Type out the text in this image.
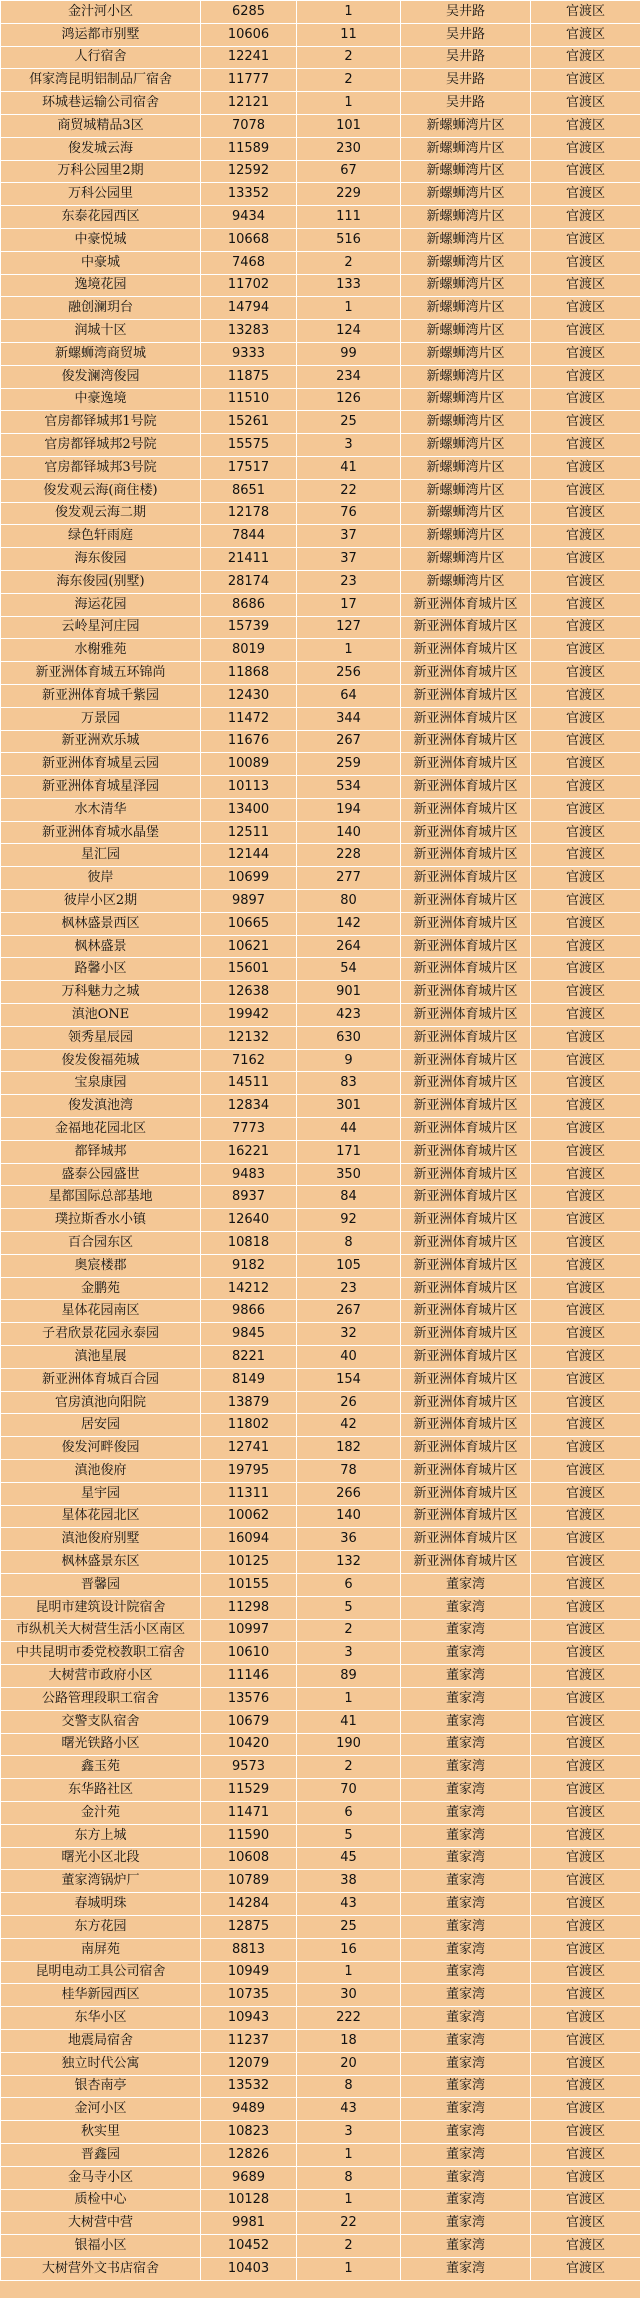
金汁河小区	6285	1	吴井路	官渡区
鸿运都市别墅	10606	11	吴井路	官渡区
人行宿舍	12241	2	吴井路	官渡区
佴家湾昆明铝制品厂宿舍	11777	2	吴井路	官渡区
环城巷运输公司宿舍	12121	1	吴井路	官渡区
商贸城精品3区	7078	101	新螺蛳湾片区	官渡区
俊发城云海	11589	230	新螺蛳湾片区	官渡区
万科公园里2期	12592	67	新螺蛳湾片区	官渡区
万科公园里	13352	229	新螺蛳湾片区	官渡区
东泰花园西区	9434	111	新螺蛳湾片区	官渡区
中豪悦城	10668	516	新螺蛳湾片区	官渡区
中豪城	7468	2	新螺蛳湾片区	官渡区
逸境花园	11702	133	新螺蛳湾片区	官渡区
融创澜玥台	14794	1	新螺蛳湾片区	官渡区
润城十区	13283	124	新螺蛳湾片区	官渡区
新螺蛳湾商贸城	9333	99	新螺蛳湾片区	官渡区
俊发澜湾俊园	11875	234	新螺蛳湾片区	官渡区
中豪逸境	11510	126	新螺蛳湾片区	官渡区
官房都铎城邦1号院	15261	25	新螺蛳湾片区	官渡区
官房都铎城邦2号院	15575	3	新螺蛳湾片区	官渡区
官房都铎城邦3号院	17517	41	新螺蛳湾片区	官渡区
俊发观云海(商住楼)	8651	22	新螺蛳湾片区	官渡区
俊发观云海二期	12178	76	新螺蛳湾片区	官渡区
绿色轩雨庭	7844	37	新螺蛳湾片区	官渡区
海东俊园	21411	37	新螺蛳湾片区	官渡区
海东俊园(别墅)	28174	23	新螺蛳湾片区	官渡区
海运花园	8686	17	新亚洲体育城片区	官渡区
云岭星河庄园	15739	127	新亚洲体育城片区	官渡区
水榭雅苑	8019	1	新亚洲体育城片区	官渡区
新亚洲体育城五环锦尚	11868	256	新亚洲体育城片区	官渡区
新亚洲体育城千紫园	12430	64	新亚洲体育城片区	官渡区
万景园	11472	344	新亚洲体育城片区	官渡区
新亚洲欢乐城	11676	267	新亚洲体育城片区	官渡区
新亚洲体育城星云园	10089	259	新亚洲体育城片区	官渡区
新亚洲体育城星泽园	10113	534	新亚洲体育城片区	官渡区
水木清华	13400	194	新亚洲体育城片区	官渡区
新亚洲体育城水晶堡	12511	140	新亚洲体育城片区	官渡区
星汇园	12144	228	新亚洲体育城片区	官渡区
彼岸	10699	277	新亚洲体育城片区	官渡区
彼岸小区2期	9897	80	新亚洲体育城片区	官渡区
枫林盛景西区	10665	142	新亚洲体育城片区	官渡区
枫林盛景	10621	264	新亚洲体育城片区	官渡区
路馨小区	15601	54	新亚洲体育城片区	官渡区
万科魅力之城	12638	901	新亚洲体育城片区	官渡区
滇池ONE	19942	423	新亚洲体育城片区	官渡区
领秀星辰园	12132	630	新亚洲体育城片区	官渡区
俊发俊福苑城	7162	9	新亚洲体育城片区	官渡区
宝泉康园	14511	83	新亚洲体育城片区	官渡区
俊发滇池湾	12834	301	新亚洲体育城片区	官渡区
金福地花园北区	7773	44	新亚洲体育城片区	官渡区
都铎城邦	16221	171	新亚洲体育城片区	官渡区
盛泰公园盛世	9483	350	新亚洲体育城片区	官渡区
星都国际总部基地	8937	84	新亚洲体育城片区	官渡区
璞拉斯香水小镇	12640	92	新亚洲体育城片区	官渡区
百合园东区	10818	8	新亚洲体育城片区	官渡区
奥宸楼郡	9182	105	新亚洲体育城片区	官渡区
金鹏苑	14212	23	新亚洲体育城片区	官渡区
星体花园南区	9866	267	新亚洲体育城片区	官渡区
子君欣景花园永泰园	9845	32	新亚洲体育城片区	官渡区
滇池星展	8221	40	新亚洲体育城片区	官渡区
新亚洲体育城百合园	8149	154	新亚洲体育城片区	官渡区
官房滇池向阳院	13879	26	新亚洲体育城片区	官渡区
居安园	11802	42	新亚洲体育城片区	官渡区
俊发河畔俊园	12741	182	新亚洲体育城片区	官渡区
滇池俊府	19795	78	新亚洲体育城片区	官渡区
星宇园	11311	266	新亚洲体育城片区	官渡区
星体花园北区	10062	140	新亚洲体育城片区	官渡区
滇池俊府别墅	16094	36	新亚洲体育城片区	官渡区
枫林盛景东区	10125	132	新亚洲体育城片区	官渡区
晋馨园	10155	6	董家湾	官渡区
昆明市建筑设计院宿舍	11298	5	董家湾	官渡区
市纵机关大树营生活小区南区	10997	2	董家湾	官渡区
中共昆明市委党校教职工宿舍	10610	3	董家湾	官渡区
大树营市政府小区	11146	89	董家湾	官渡区
公路管理段职工宿舍	13576	1	董家湾	官渡区
交警支队宿舍	10679	41	董家湾	官渡区
曙光铁路小区	10420	190	董家湾	官渡区
鑫玉苑	9573	2	董家湾	官渡区
东华路社区	11529	70	董家湾	官渡区
金汁苑	11471	6	董家湾	官渡区
东方上城	11590	5	董家湾	官渡区
曙光小区北段	10608	45	董家湾	官渡区
董家湾锅炉厂	10789	38	董家湾	官渡区
春城明珠	14284	43	董家湾	官渡区
东方花园	12875	25	董家湾	官渡区
南屏苑	8813	16	董家湾	官渡区
昆明电动工具公司宿舍	10949	1	董家湾	官渡区
桂华新园西区	10735	30	董家湾	官渡区
东华小区	10943	222	董家湾	官渡区
地震局宿舍	11237	18	董家湾	官渡区
独立时代公寓	12079	20	董家湾	官渡区
银杏南亭	13532	8	董家湾	官渡区
金河小区	9489	43	董家湾	官渡区
秋实里	10823	3	董家湾	官渡区
晋鑫园	12826	1	董家湾	官渡区
金马寺小区	9689	8	董家湾	官渡区
质检中心	10128	1	董家湾	官渡区
大树营中营	9981	22	董家湾	官渡区
银福小区	10452	2	董家湾	官渡区
大树营外文书店宿舍	10403	1	董家湾	官渡区
